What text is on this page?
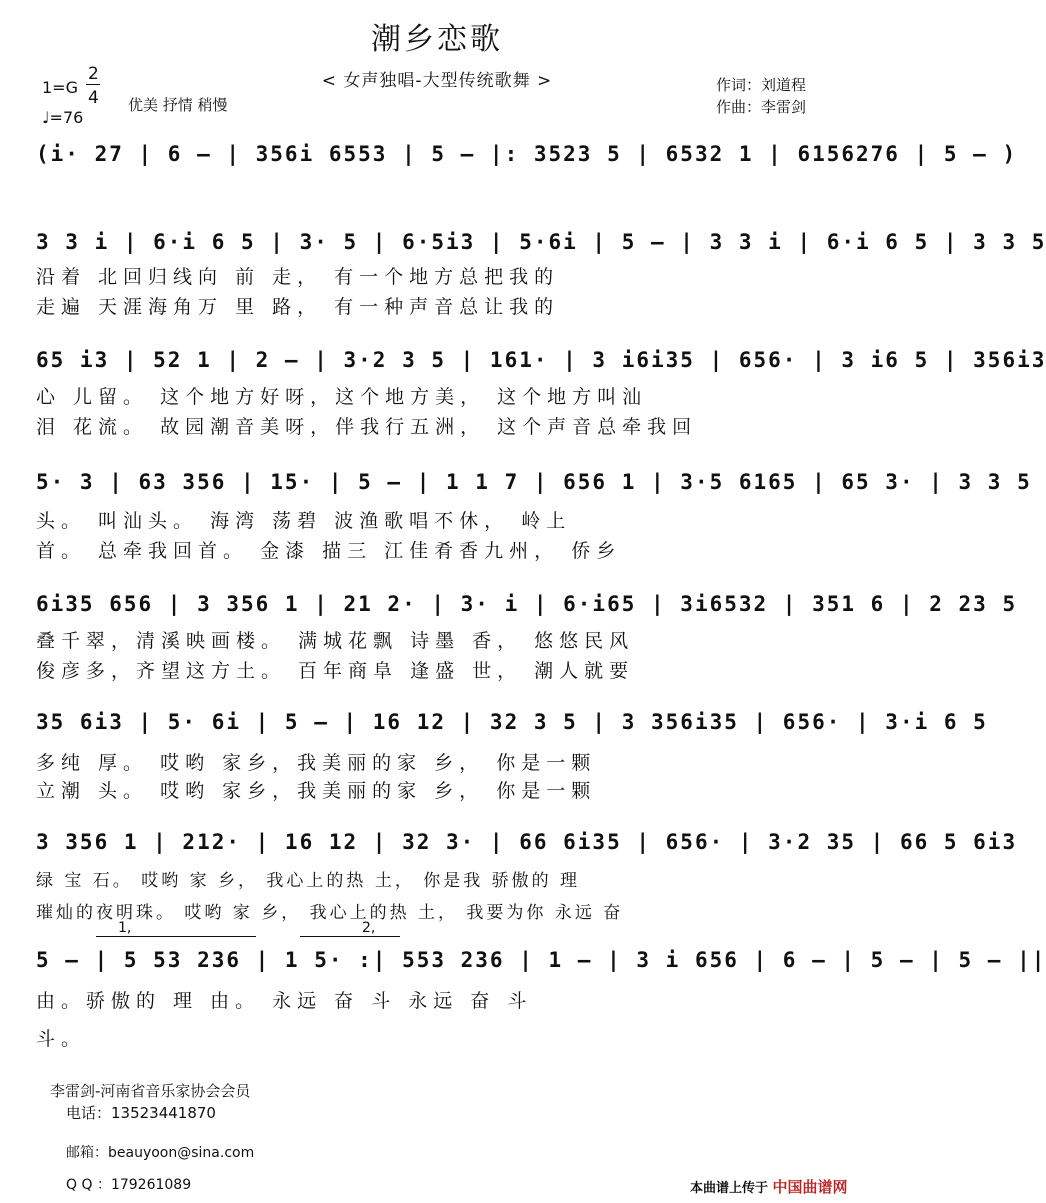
潮乡恋歌
< 女声独唱-大型传统歌舞 >
1=G
2
4 优美 抒情 稍慢
♩=76
作词：刘道程
作曲：李雷剑
(i· 27 | 6 – | 356i 6553 | 5 – |: 3523 5 | 6532 1 | 6156276 | 5 – )
3 3 i | 6·i 6 5 | 3· 5 | 6·5i3 | 5·6i | 5 – | 3 3 i | 6·i 6 5 | 3 3 5
沿着 北回归线向 前 走， 有一个地方总把我的
走遍 天涯海角万 里 路， 有一种声音总让我的
65 i3 | 52 1 | 2 – | 3·2 3 5 | 161· | 3 i6i35 | 656· | 3 i6 5 | 356i3
心 儿留。 这个地方好呀，这个地方美， 这个地方叫汕
泪 花流。 故园潮音美呀，伴我行五洲， 这个声音总牵我回
5· 3 | 63 356 | 15· | 5 – | 1 1 7 | 656 1 | 3·5 6165 | 65 3· | 3 3 5
头。 叫汕头。 海湾 荡碧 波渔歌唱不休， 岭上
首。 总牵我回首。 金漆 描三 江佳肴香九州， 侨乡
6i35 656 | 3 356 1 | 21 2· | 3· i | 6·i65 | 3i6532 | 351 6 | 2 23 5
叠千翠，清溪映画楼。 满城花飘 诗墨 香， 悠悠民风
俊彦多，齐望这方土。 百年商阜 逢盛 世， 潮人就要
35 6i3 | 5· 6i | 5 – | 16 12 | 32 3 5 | 3 356i35 | 656· | 3·i 6 5
多纯 厚。 哎哟 家乡，我美丽的家 乡， 你是一颗
立潮 头。 哎哟 家乡，我美丽的家 乡， 你是一颗
3 356 1 | 212· | 16 12 | 32 3· | 66 6i35 | 656· | 3·2 35 | 66 5 6i3
绿 宝 石。 哎哟 家 乡， 我心上的热 土， 你是我 骄傲的 理
璀灿的夜明珠。 哎哟 家 乡， 我心上的热 土， 我要为你 永远 奋
1,	2,
5 – | 5 53 236 | 1 5· :| 553 236 | 1 – | 3 i 656 | 6 – | 5 – | 5 – ||
由。骄傲的 理 由。 永远 奋 斗 永远 奋 斗
斗。
李雷剑-河南省音乐家协会会员
电话：13523441870
邮箱：beauyoon@sina.com
Q Q ：179261089	本曲谱上传于 中国曲谱网
